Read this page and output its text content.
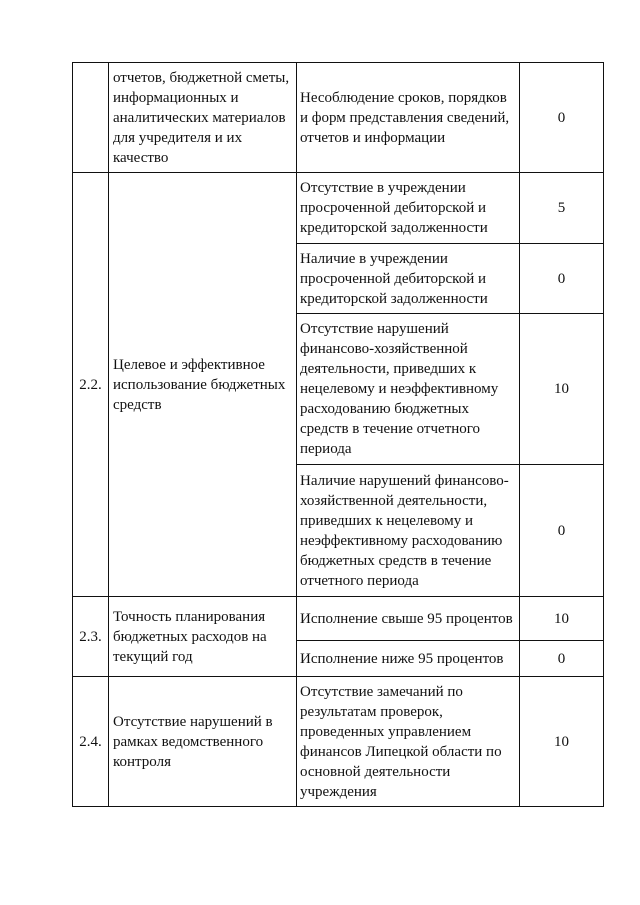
отчетов, бюджетной сметы,
информационных и
аналитических материалов
для учредителя и их
качество
Несоблюдение сроков, порядков
и форм представления сведений,
отчетов и информации
0
2.2.
Целевое и эффективное
использование бюджетных
средств
Отсутствие в учреждении
просроченной дебиторской и
кредиторской задолженности
5
Наличие в учреждении
просроченной дебиторской и
кредиторской задолженности
0
Отсутствие нарушений
финансово-хозяйственной
деятельности, приведших к
нецелевому и неэффективному
расходованию бюджетных
средств в течение отчетного
периода
10
Наличие нарушений финансово-
хозяйственной деятельности,
приведших к нецелевому и
неэффективному расходованию
бюджетных средств в течение
отчетного периода
0
2.3.
Точность планирования
бюджетных расходов на
текущий год
Исполнение свыше 95 процентов	10
Исполнение ниже 95 процентов	0
2.4.
Отсутствие нарушений в
рамках ведомственного
контроля
Отсутствие замечаний по
результатам проверок,
проведенных управлением
финансов Липецкой области по
основной деятельности
учреждения
10
